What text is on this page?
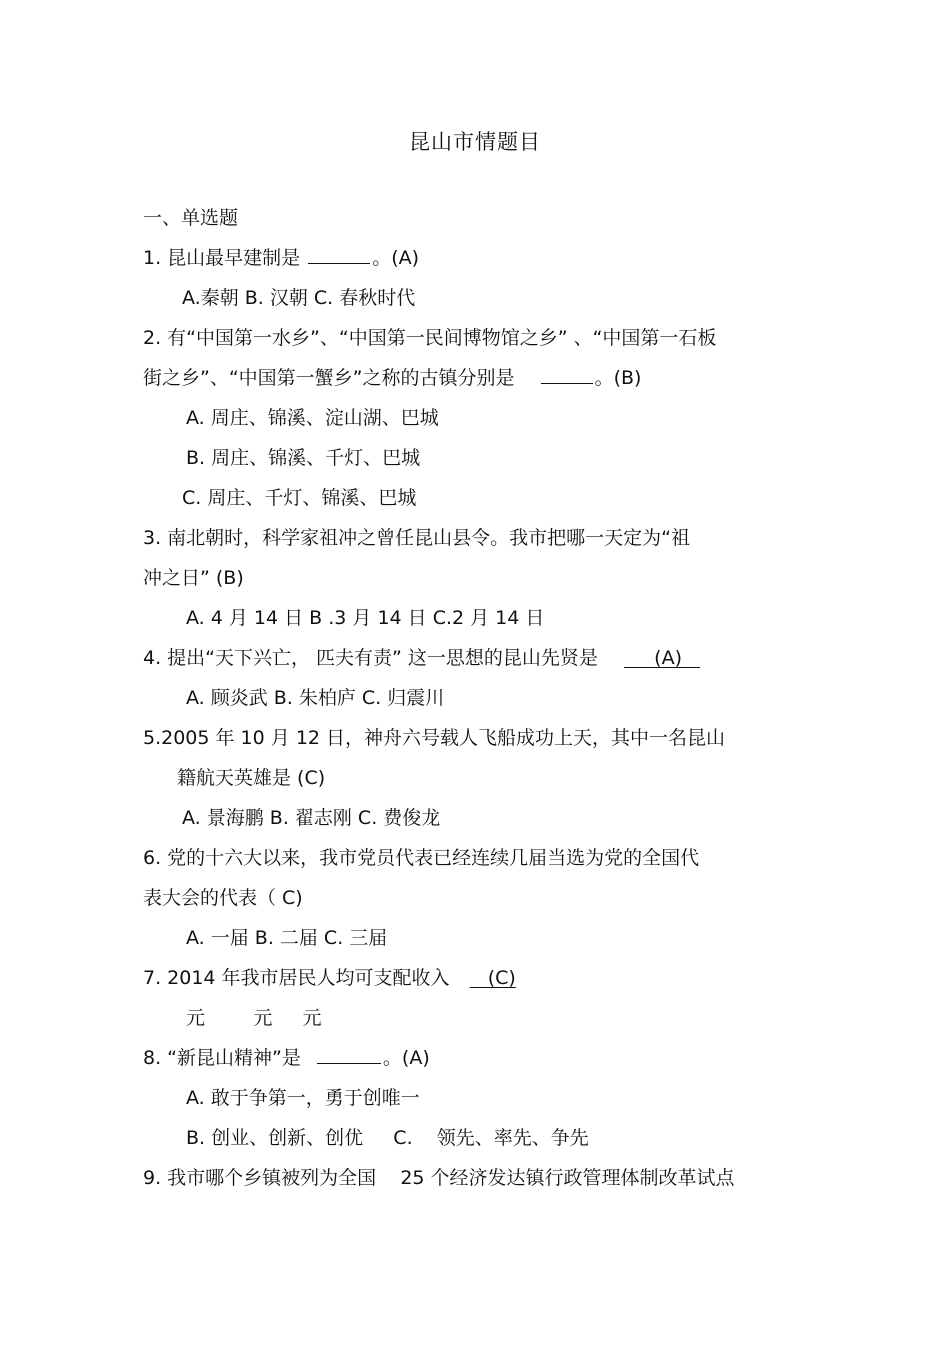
昆山市情题目
一、单选题
1. 昆山最早建制是	。(A)
A.秦朝 B. 汉朝 C. 春秋时代
2. 有“中国第一水乡”、“中国第一民间博物馆之乡” 、“中国第一石板
街之乡”、“中国第一蟹乡”之称的古镇分别是	。(B)
A. 周庄、锦溪、淀山湖、巴城
B. 周庄、锦溪、千灯、巴城
C. 周庄、千灯、锦溪、巴城
3. 南北朝时，科学家祖冲之曾任昆山县令。我市把哪一天定为“祖
冲之日” (B)
A. 4 月 14 日 B .3 月 14 日 C.2 月 14 日
4. 提出“天下兴亡， 匹夫有责” 这一思想的昆山先贤是      (A)
A. 顾炎武 B. 朱柏庐 C. 归震川
5.2005 年 10 月 12 日，神舟六号载人飞船成功上天，其中一名昆山
籍航天英雄是 (C)
A. 景海鹏 B. 翟志刚 C. 费俊龙
6. 党的十六大以来，我市党员代表已经连续几届当选为党的全国代
表大会的代表（ C)
A. 一届 B. 二届 C. 三届
7. 2014 年我市居民人均可支配收入    (C)
元        元     元
8. “新昆山精神”是	。(A)
A. 敢于争第一，勇于创唯一
B. 创业、创新、创优     C.    领先、率先、争先
9. 我市哪个乡镇被列为全国    25 个经济发达镇行政管理体制改革试点
